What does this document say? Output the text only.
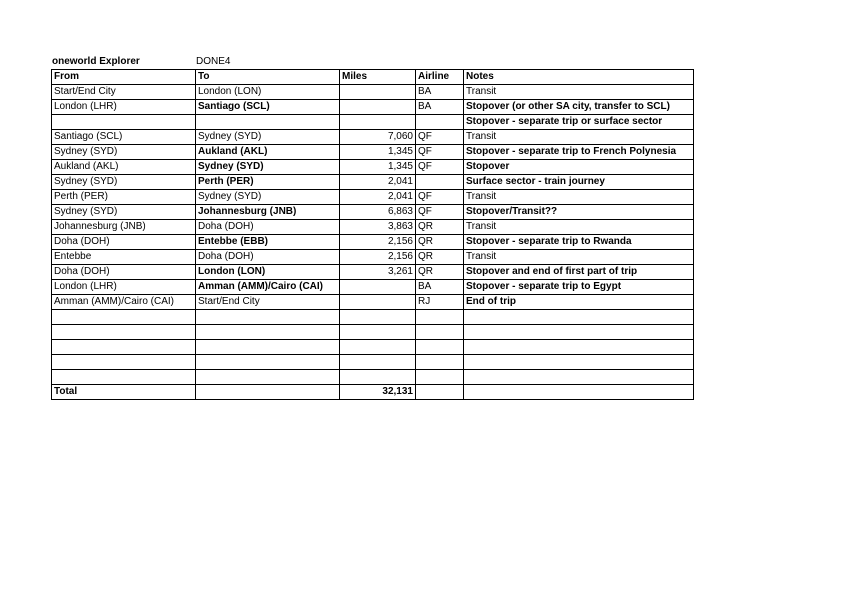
oneworld Explorer	DONE4
From	To	Miles	Airline	Notes
Start/End City	London (LON)		BA	Transit
London (LHR)	Santiago (SCL)		BA	Stopover (or other SA city, transfer to SCL)
				Stopover - separate trip or surface sector
Santiago (SCL)	Sydney (SYD)	7,060	QF	Transit
Sydney (SYD)	Aukland (AKL)	1,345	QF	Stopover - separate trip to French Polynesia
Aukland (AKL)	Sydney (SYD)	1,345	QF	Stopover
Sydney (SYD)	Perth (PER)	2,041		Surface sector - train journey
Perth (PER)	Sydney (SYD)	2,041	QF	Transit
Sydney (SYD)	Johannesburg (JNB)	6,863	QF	Stopover/Transit??
Johannesburg (JNB)	Doha (DOH)	3,863	QR	Transit
Doha (DOH)	Entebbe (EBB)	2,156	QR	Stopover - separate trip to Rwanda
Entebbe	Doha (DOH)	2,156	QR	Transit
Doha (DOH)	London (LON)	3,261	QR	Stopover and end of first part of trip
London (LHR)	Amman (AMM)/Cairo (CAI)		BA	Stopover - separate trip to Egypt
Amman (AMM)/Cairo (CAI)	Start/End City		RJ	End of trip

Total		32,131		
